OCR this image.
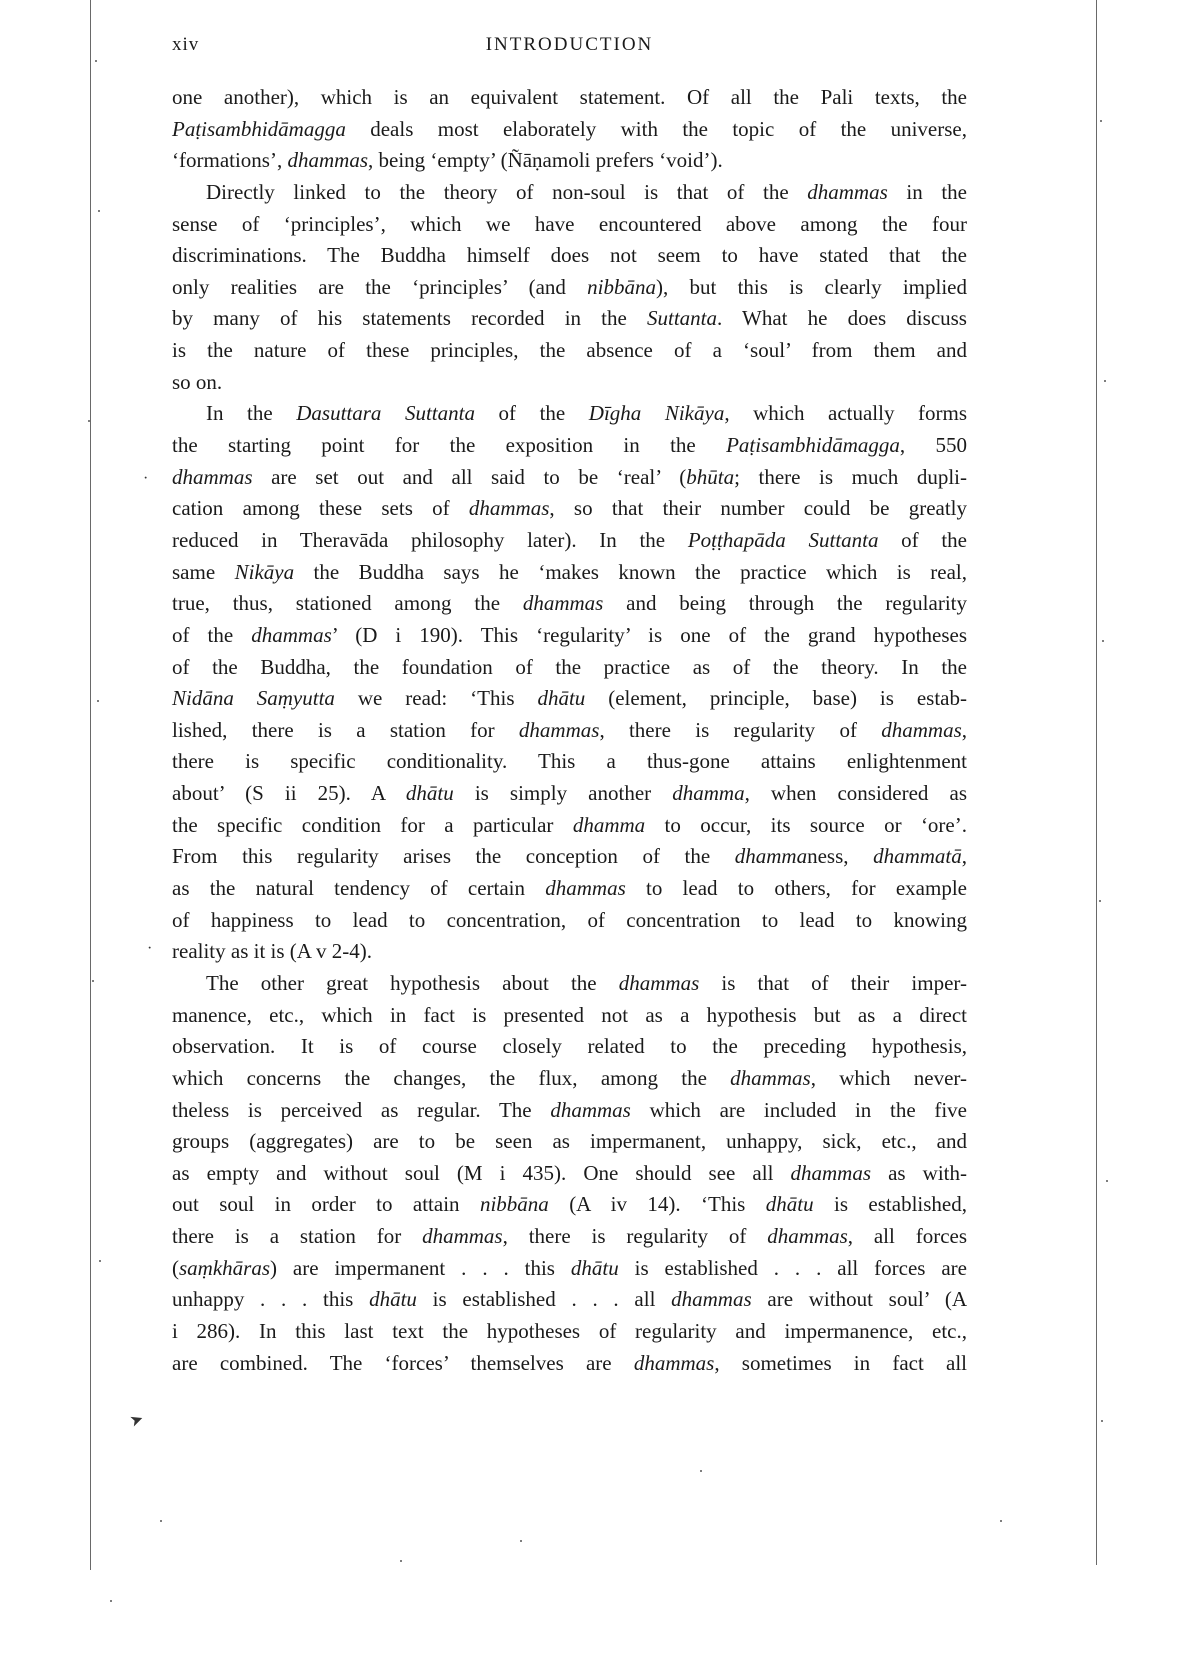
xiv	INTRODUCTION
one another), which is an equivalent statement. Of all the Pali texts, the
Paṭisambhidāmagga deals most elaborately with the topic of the universe,
‘formations’, dhammas, being ‘empty’ (Ñāṇamoli prefers ‘void’).
Directly linked to the theory of non-soul is that of the dhammas in the
sense of ‘principles’, which we have encountered above among the four
discriminations. The Buddha himself does not seem to have stated that the
only realities are the ‘principles’ (and nibbāna), but this is clearly implied
by many of his statements recorded in the Suttanta. What he does discuss
is the nature of these principles, the absence of a ‘soul’ from them and
so on.
In the Dasuttara Suttanta of the Dīgha Nikāya, which actually forms
the starting point for the exposition in the Paṭisambhidāmagga, 550
dhammas are set out and all said to be ‘real’ (bhūta; there is much dupli-
cation among these sets of dhammas, so that their number could be greatly
reduced in Theravāda philosophy later). In the Poṭṭhapāda Suttanta of the
same Nikāya the Buddha says he ‘makes known the practice which is real,
true, thus, stationed among the dhammas and being through the regularity
of the dhammas’ (D i 190). This ‘regularity’ is one of the grand hypotheses
of the Buddha, the foundation of the practice as of the theory. In the
Nidāna Saṃyutta we read: ‘This dhātu (element, principle, base) is estab-
lished, there is a station for dhammas, there is regularity of dhammas,
there is specific conditionality. This a thus-gone attains enlightenment
about’ (S ii 25). A dhātu is simply another dhamma, when considered as
the specific condition for a particular dhamma to occur, its source or ‘ore’.
From this regularity arises the conception of the dhammaness, dhammatā,
as the natural tendency of certain dhammas to lead to others, for example
of happiness to lead to concentration, of concentration to lead to knowing
reality as it is (A v 2-4).
The other great hypothesis about the dhammas is that of their imper-
manence, etc., which in fact is presented not as a hypothesis but as a direct
observation. It is of course closely related to the preceding hypothesis,
which concerns the changes, the flux, among the dhammas, which never-
theless is perceived as regular. The dhammas which are included in the five
groups (aggregates) are to be seen as impermanent, unhappy, sick, etc., and
as empty and without soul (M i 435). One should see all dhammas as with-
out soul in order to attain nibbāna (A iv 14). ‘This dhātu is established,
there is a station for dhammas, there is regularity of dhammas, all forces
(saṃkhāras) are impermanent . . . this dhātu is established . . . all forces are
unhappy . . . this dhātu is established . . . all dhammas are without soul’ (A
i 286). In this last text the hypotheses of regularity and impermanence, etc.,
are combined. The ‘forces’ themselves are dhammas, sometimes in fact all
·
·
➤
